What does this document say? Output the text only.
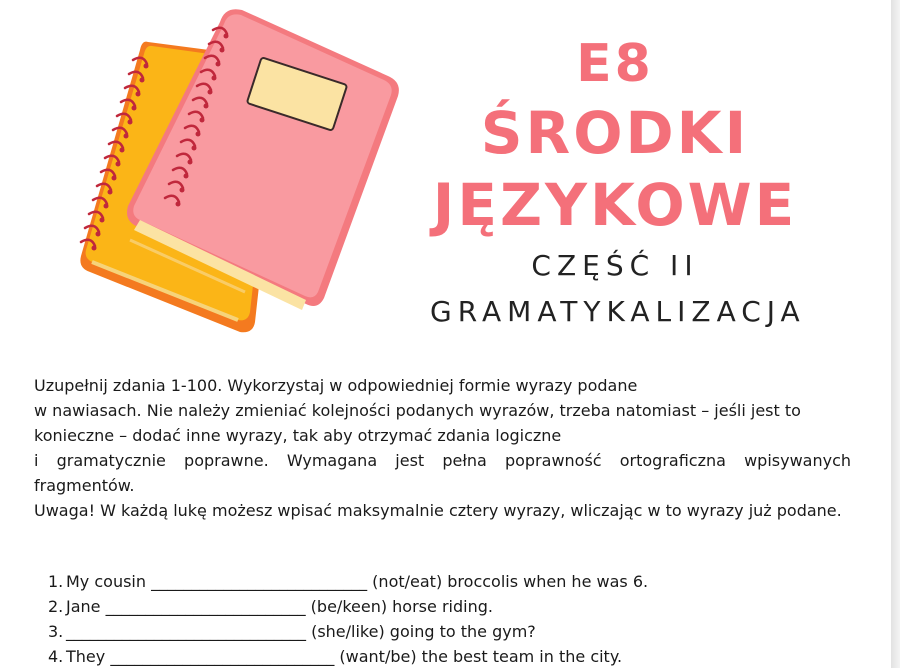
E8
ŚRODKI
JĘZYKOWE
CZĘŚĆ II
GRAMATYKALIZACJA

Uzupełnij zdania 1-100. Wykorzystaj w odpowiedniej formie wyrazy podane

w nawiasach. Nie należy zmieniać kolejności podanych wyrazów, trzeba natomiast – jeśli jest to

konieczne – dodać inne wyrazy, tak aby otrzymać zdania logiczne

i gramatycznie poprawne. Wymagana jest pełna poprawność ortograficzna wpisywanych fragmentów.

Uwaga! W każdą lukę możesz wpisać maksymalnie cztery wyrazy, wliczając w to wyrazy już podane.

1. My cousin ___________________________ (not/eat) broccolis when he was 6.
2. Jane _________________________ (be/keen) horse riding.
3. ______________________________ (she/like) going to the gym?
4. They ____________________________ (want/be) the best team in the city.
